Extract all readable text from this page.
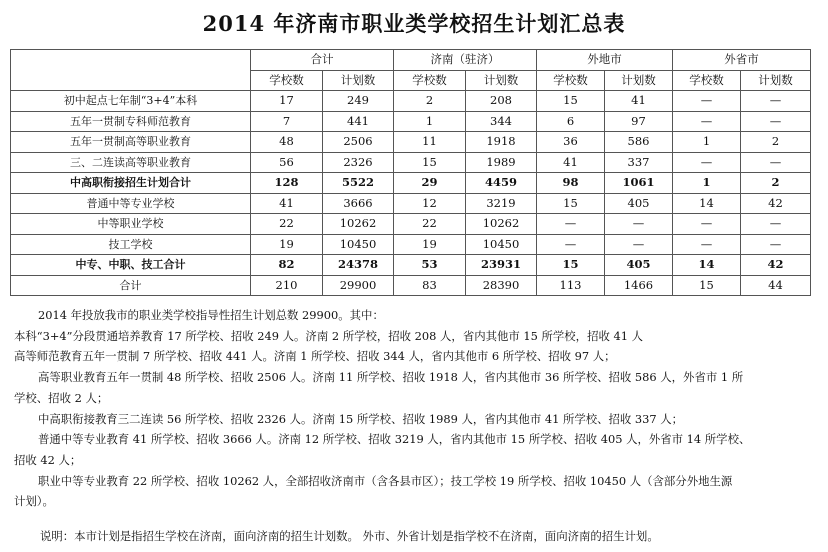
2014 年济南市职业类学校招生计划汇总表
	合计		济南（驻济）		外地市		外省市	
	学校数	计划数	学校数	计划数	学校数	计划数	学校数	计划数
初中起点七年制“3+4”本科	17	249	2	208	15	41	—	—
五年一贯制专科师范教育	7	441	1	344	6	97	—	—
五年一贯制高等职业教育	48	2506	11	1918	36	586	1	2
三、二连读高等职业教育	56	2326	15	1989	41	337	—	—
中高职衔接招生计划合计	128	5522	29	4459	98	1061	1	2
普通中等专业学校	41	3666	12	3219	15	405	14	42
中等职业学校	22	10262	22	10262	—	—	—	—
技工学校	19	10450	19	10450	—	—	—	—
中专、中职、技工合计	82	24378	53	23931	15	405	14	42
合计	210	29900	83	28390	113	1466	15	44

2014 年投放我市的职业类学校指导性招生计划总数 29900。其中：

本科“3+4”分段贯通培养教育 17 所学校、招收 249 人。济南 2 所学校，招收 208 人，省内其他市 15 所学校，招收 41 人

高等师范教育五年一贯制 7 所学校、招收 441 人。济南 1 所学校、招收 344 人，省内其他市 6 所学校、招收 97 人；

高等职业教育五年一贯制 48 所学校、招收 2506 人。济南 11 所学校、招收 1918 人，省内其他市 36 所学校、招收 586 人，外省市 1 所

学校、招收 2 人；

中高职衔接教育三二连读 56 所学校、招收 2326 人。济南 15 所学校、招收 1989 人，省内其他市 41 所学校、招收 337 人；

普通中等专业教育 41 所学校、招收 3666 人。济南 12 所学校、招收 3219 人，省内其他市 15 所学校、招收 405 人，外省市 14 所学校、

招收 42 人；

职业中等专业教育 22 所学校、招收 10262 人，全部招收济南市（含各县市区）；技工学校 19 所学校、招收 10450 人（含部分外地生源

计划）。

说明：本市计划是指招生学校在济南，面向济南的招生计划数。 外市、外省计划是指学校不在济南，面向济南的招生计划。
